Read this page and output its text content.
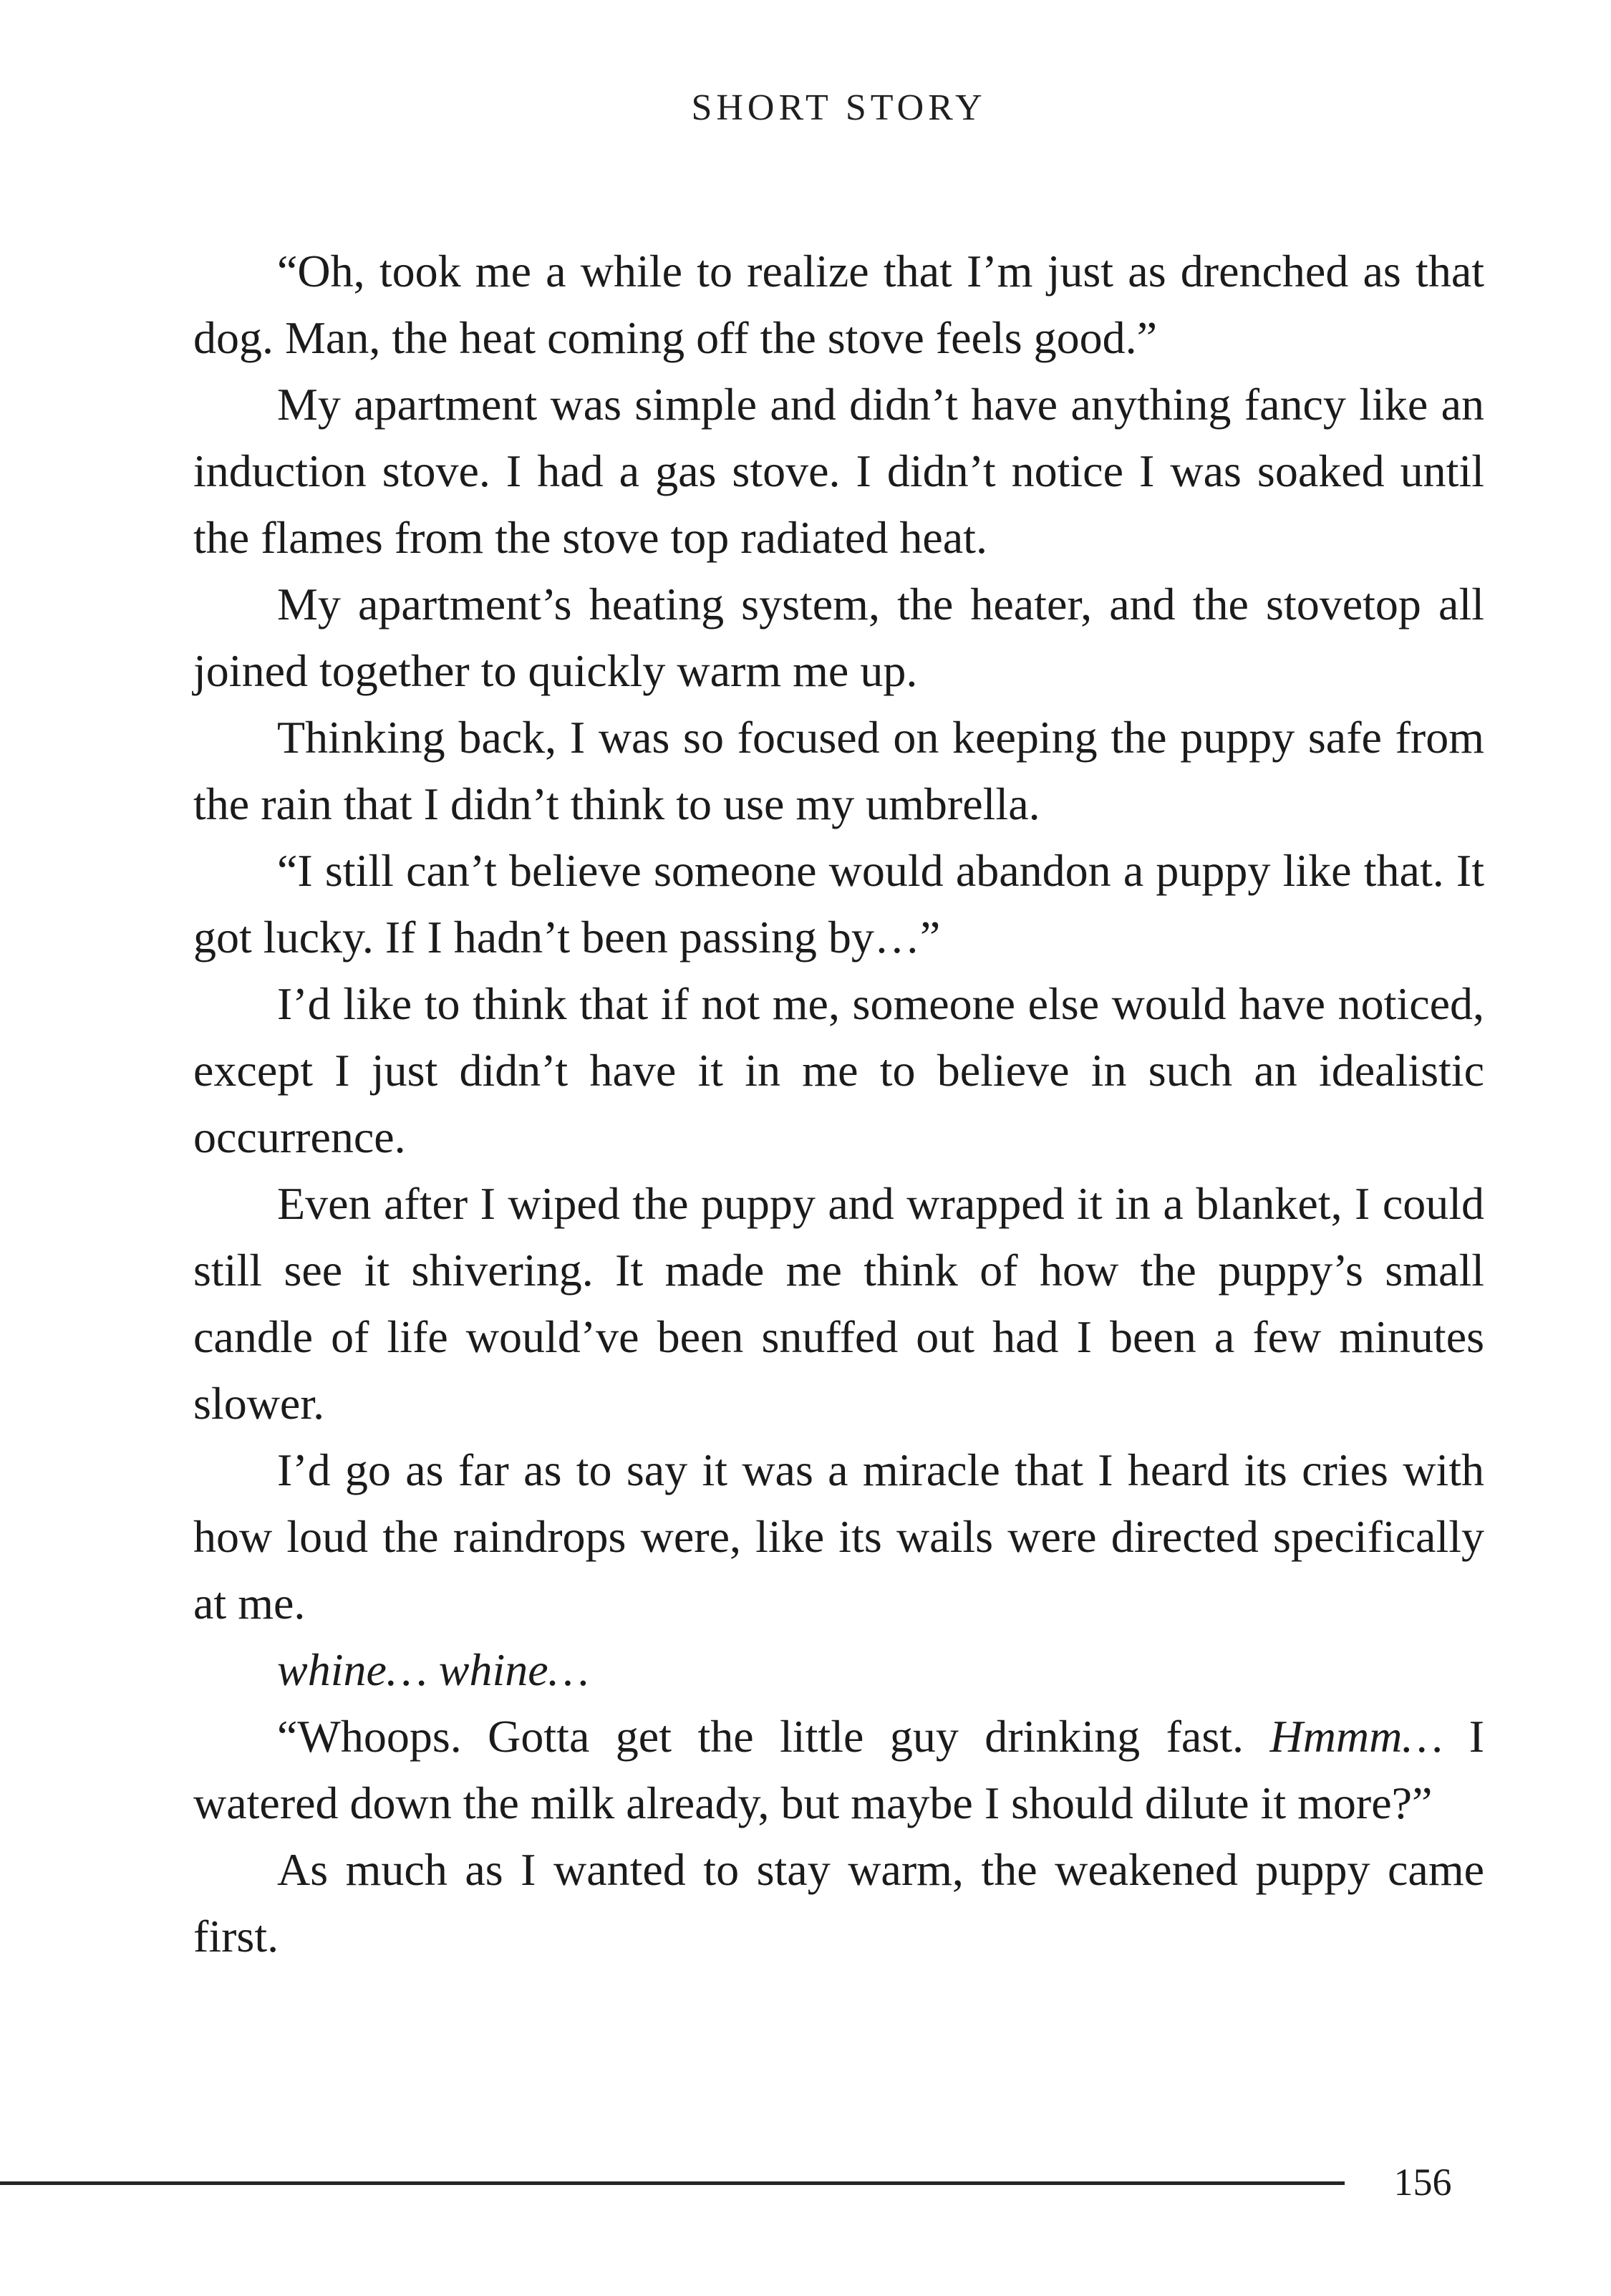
SHORT STORY

“Oh, took me a while to realize that I’m just as drenched as that dog. Man, the heat coming off the stove feels good.”

My apartment was simple and didn’t have anything fancy like an induction stove. I had a gas stove. I didn’t notice I was soaked until the flames from the stove top radiated heat.

My apartment’s heating system, the heater, and the stovetop all joined together to quickly warm me up.

Thinking back, I was so focused on keeping the puppy safe from the rain that I didn’t think to use my umbrella.

“I still can’t believe someone would abandon a puppy like that. It got lucky. If I hadn’t been passing by…”

I’d like to think that if not me, someone else would have noticed, except I just didn’t have it in me to believe in such an idealistic occurrence.

Even after I wiped the puppy and wrapped it in a blanket, I could still see it shivering. It made me think of how the puppy’s small candle of life would’ve been snuffed out had I been a few minutes slower.

I’d go as far as to say it was a miracle that I heard its cries with how loud the raindrops were, like its wails were directed specifically at me.

whine… whine…

“Whoops. Gotta get the little guy drinking fast. Hmmm… I watered down the milk already, but maybe I should dilute it more?”

As much as I wanted to stay warm, the weakened puppy came first.

156
